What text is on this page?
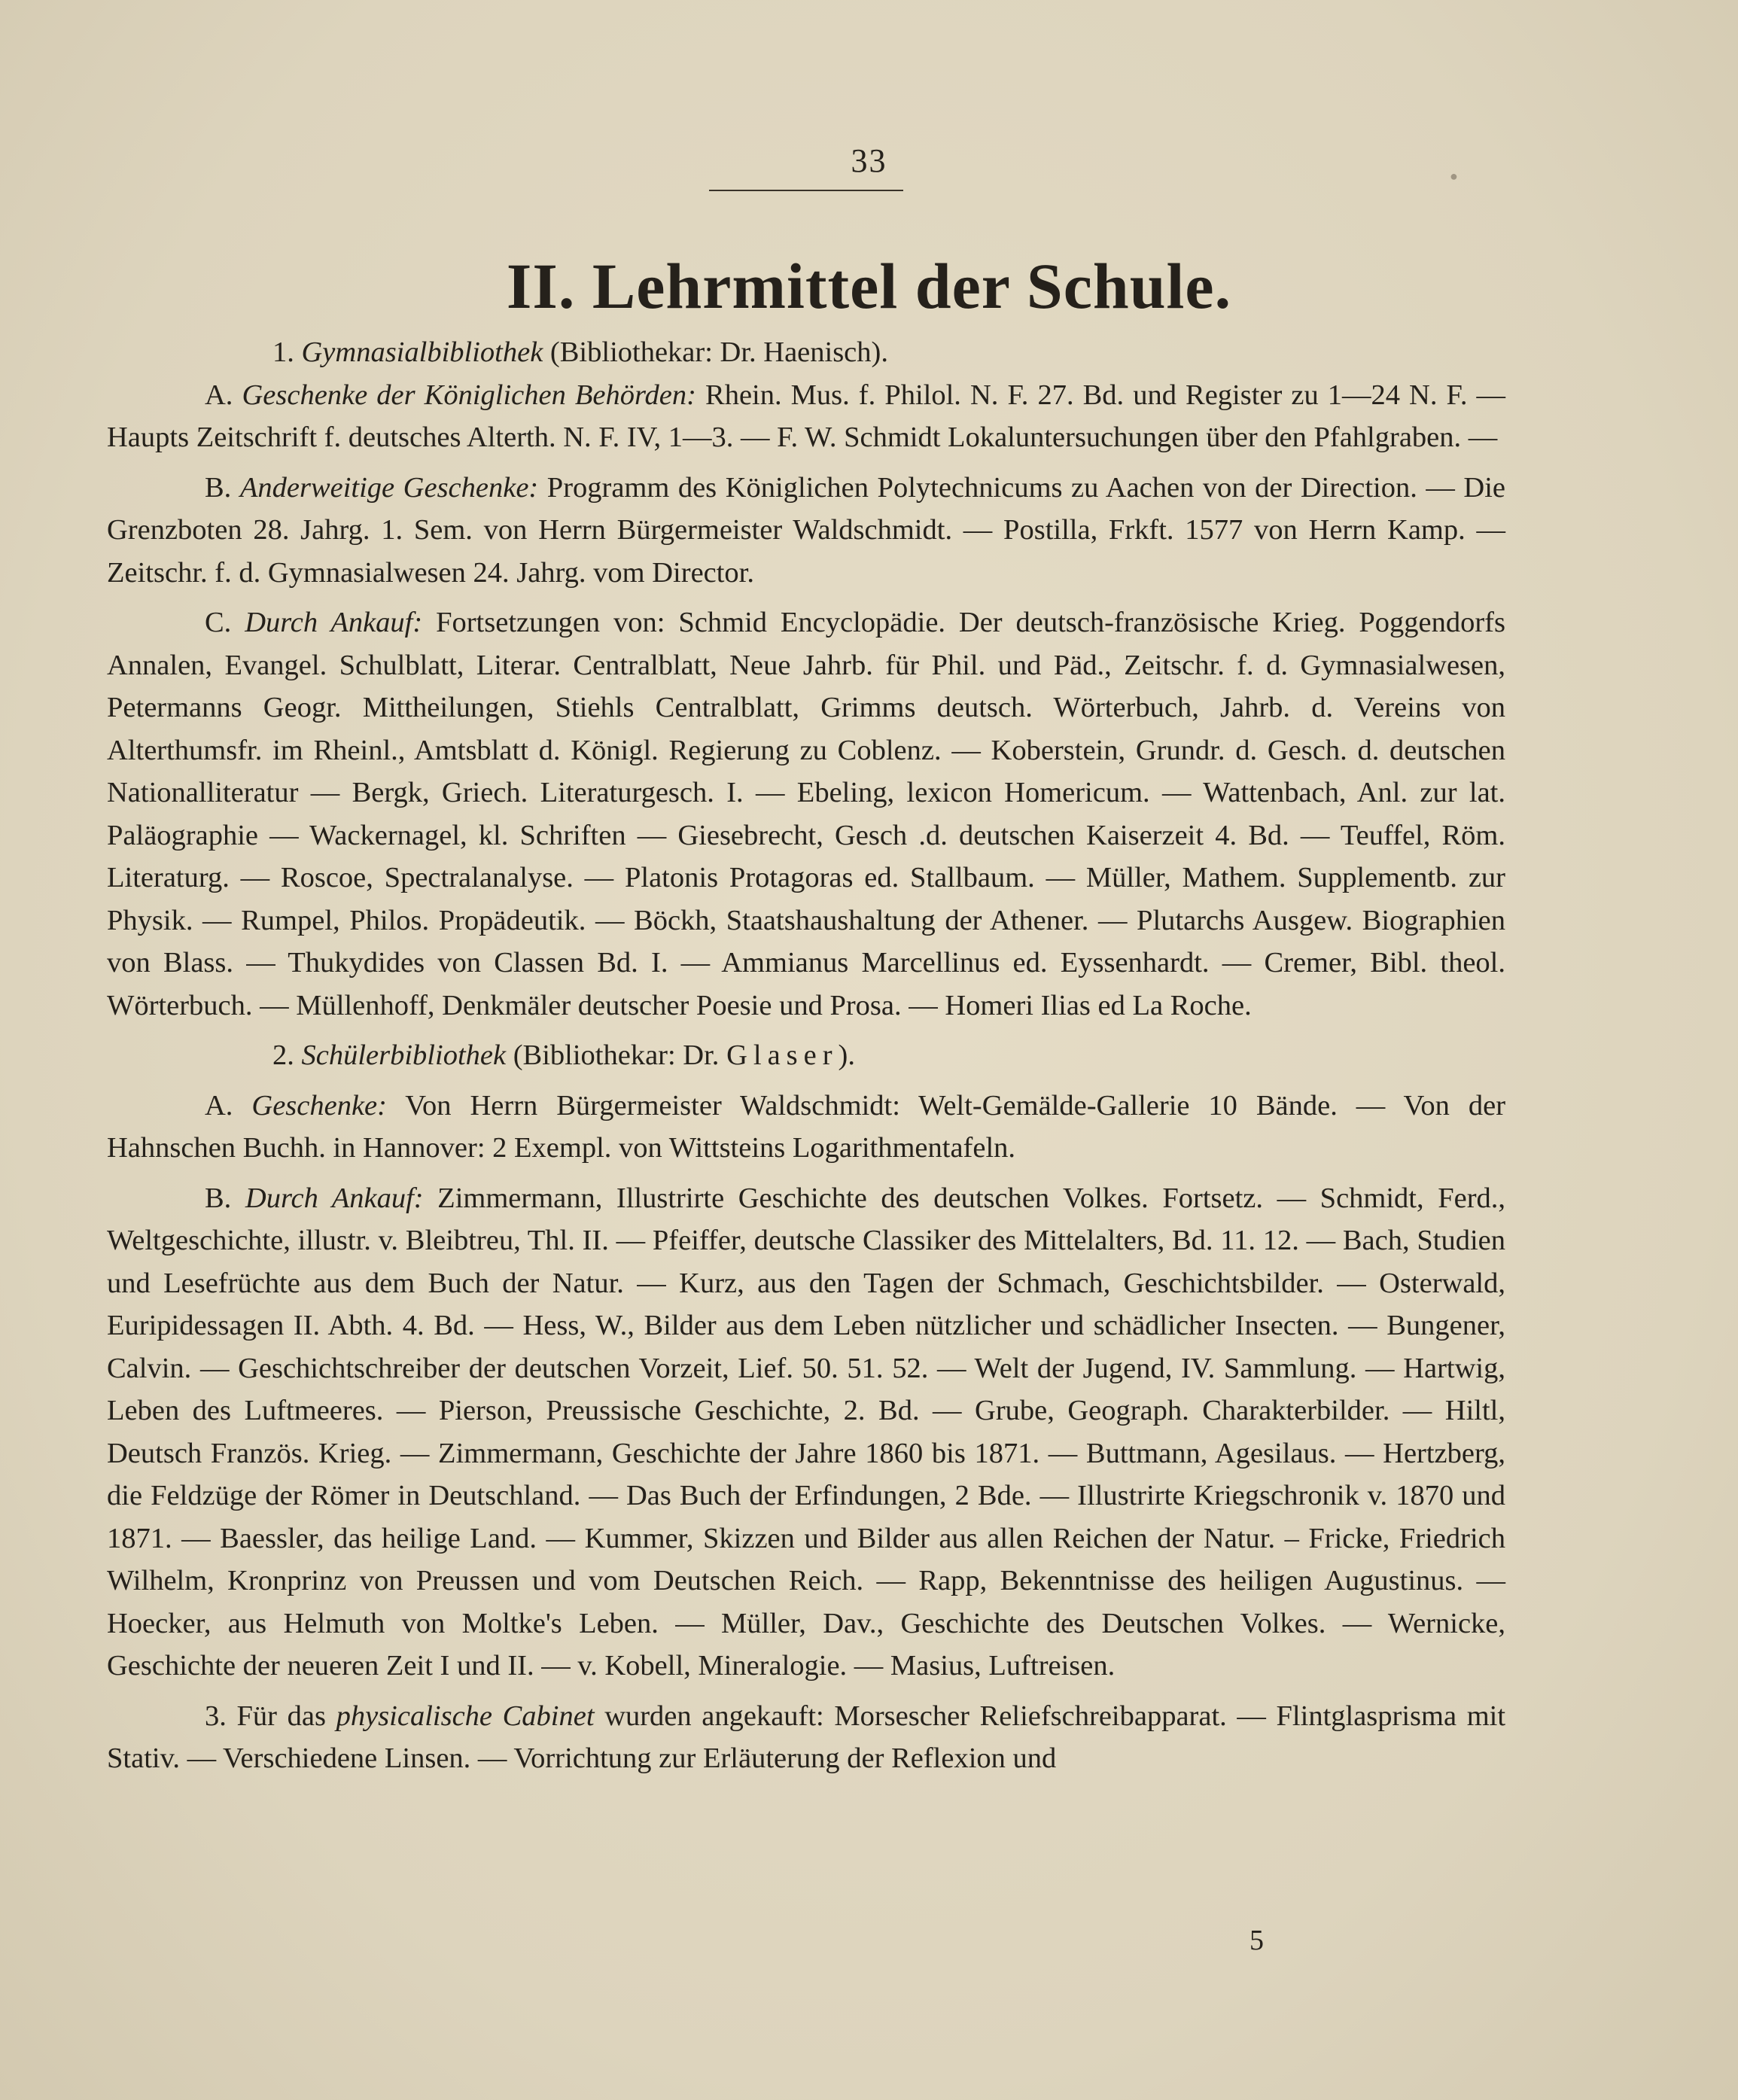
33	●
II. Lehrmittel der Schule.

1. Gymnasialbibliothek (Bibliothekar: Dr. Haenisch).

A. Geschenke der Königlichen Behörden: Rhein. Mus. f. Philol. N. F. 27. Bd. und Register zu 1—24 N. F. — Haupts Zeitschrift f. deutsches Alterth. N. F. IV, 1—3. — F. W. Schmidt Lokaluntersuchungen über den Pfahlgraben. —

B. Anderweitige Geschenke: Programm des Königlichen Polytechnicums zu Aachen von der Direction. — Die Grenzboten 28. Jahrg. 1. Sem. von Herrn Bürgermeister Waldschmidt. — Postilla, Frkft. 1577 von Herrn Kamp. — Zeitschr. f. d. Gymnasialwesen 24. Jahrg. vom Director.

C. Durch Ankauf: Fortsetzungen von: Schmid Encyclopädie. Der deutsch-französische Krieg. Poggendorfs Annalen, Evangel. Schulblatt, Literar. Centralblatt, Neue Jahrb. für Phil. und Päd., Zeitschr. f. d. Gymnasialwesen, Petermanns Geogr. Mittheilungen, Stiehls Centralblatt, Grimms deutsch. Wörterbuch, Jahrb. d. Vereins von Alterthumsfr. im Rheinl., Amtsblatt d. Königl. Regierung zu Coblenz. — Koberstein, Grundr. d. Gesch. d. deutschen Nationalliteratur — Bergk, Griech. Literaturgesch. I. — Ebeling, lexicon Homericum. — Wattenbach, Anl. zur lat. Paläographie — Wackernagel, kl. Schriften — Giesebrecht, Gesch .d. deutschen Kaiserzeit 4. Bd. — Teuffel, Röm. Literaturg. — Roscoe, Spectralanalyse. — Platonis Protagoras ed. Stallbaum. — Müller, Mathem. Supplementb. zur Physik. — Rumpel, Philos. Propädeutik. — Böckh, Staatshaushaltung der Athener. — Plutarchs Ausgew. Biographien von Blass. — Thukydides von Classen Bd. I. — Ammianus Marcellinus ed. Eyssenhardt. — Cremer, Bibl. theol. Wörterbuch. — Müllenhoff, Denkmäler deutscher Poesie und Prosa. — Homeri Ilias ed La Roche.

2. Schülerbibliothek (Bibliothekar: Dr. Glaser).

A. Geschenke: Von Herrn Bürgermeister Waldschmidt: Welt-Gemälde-Gallerie 10 Bände. — Von der Hahnschen Buchh. in Hannover: 2 Exempl. von Wittsteins Logarithmentafeln.

B. Durch Ankauf: Zimmermann, Illustrirte Geschichte des deutschen Volkes. Fortsetz. — Schmidt, Ferd., Weltgeschichte, illustr. v. Bleibtreu, Thl. II. — Pfeiffer, deutsche Classiker des Mittelalters, Bd. 11. 12. — Bach, Studien und Lesefrüchte aus dem Buch der Natur. — Kurz, aus den Tagen der Schmach, Geschichtsbilder. — Osterwald, Euripidessagen II. Abth. 4. Bd. — Hess, W., Bilder aus dem Leben nützlicher und schädlicher Insecten. — Bungener, Calvin. — Geschichtschreiber der deutschen Vorzeit, Lief. 50. 51. 52. — Welt der Jugend, IV. Sammlung. — Hartwig, Leben des Luftmeeres. — Pierson, Preussische Geschichte, 2. Bd. — Grube, Geograph. Charakterbilder. — Hiltl, Deutsch Französ. Krieg. — Zimmermann, Geschichte der Jahre 1860 bis 1871. — Buttmann, Agesilaus. — Hertzberg, die Feldzüge der Römer in Deutschland. — Das Buch der Erfindungen, 2 Bde. — Illustrirte Kriegschronik v. 1870 und 1871. — Baessler, das heilige Land. — Kummer, Skizzen und Bilder aus allen Reichen der Natur. – Fricke, Friedrich Wilhelm, Kronprinz von Preussen und vom Deutschen Reich. — Rapp, Bekenntnisse des heiligen Augustinus. — Hoecker, aus Helmuth von Moltke's Leben. — Müller, Dav., Geschichte des Deutschen Volkes. — Wernicke, Geschichte der neueren Zeit I und II. — v. Kobell, Mineralogie. — Masius, Luftreisen.

3. Für das physicalische Cabinet wurden angekauft: Morsescher Reliefschreibapparat. — Flintglasprisma mit Stativ. — Verschiedene Linsen. — Vorrichtung zur Erläuterung der Reflexion und

5
